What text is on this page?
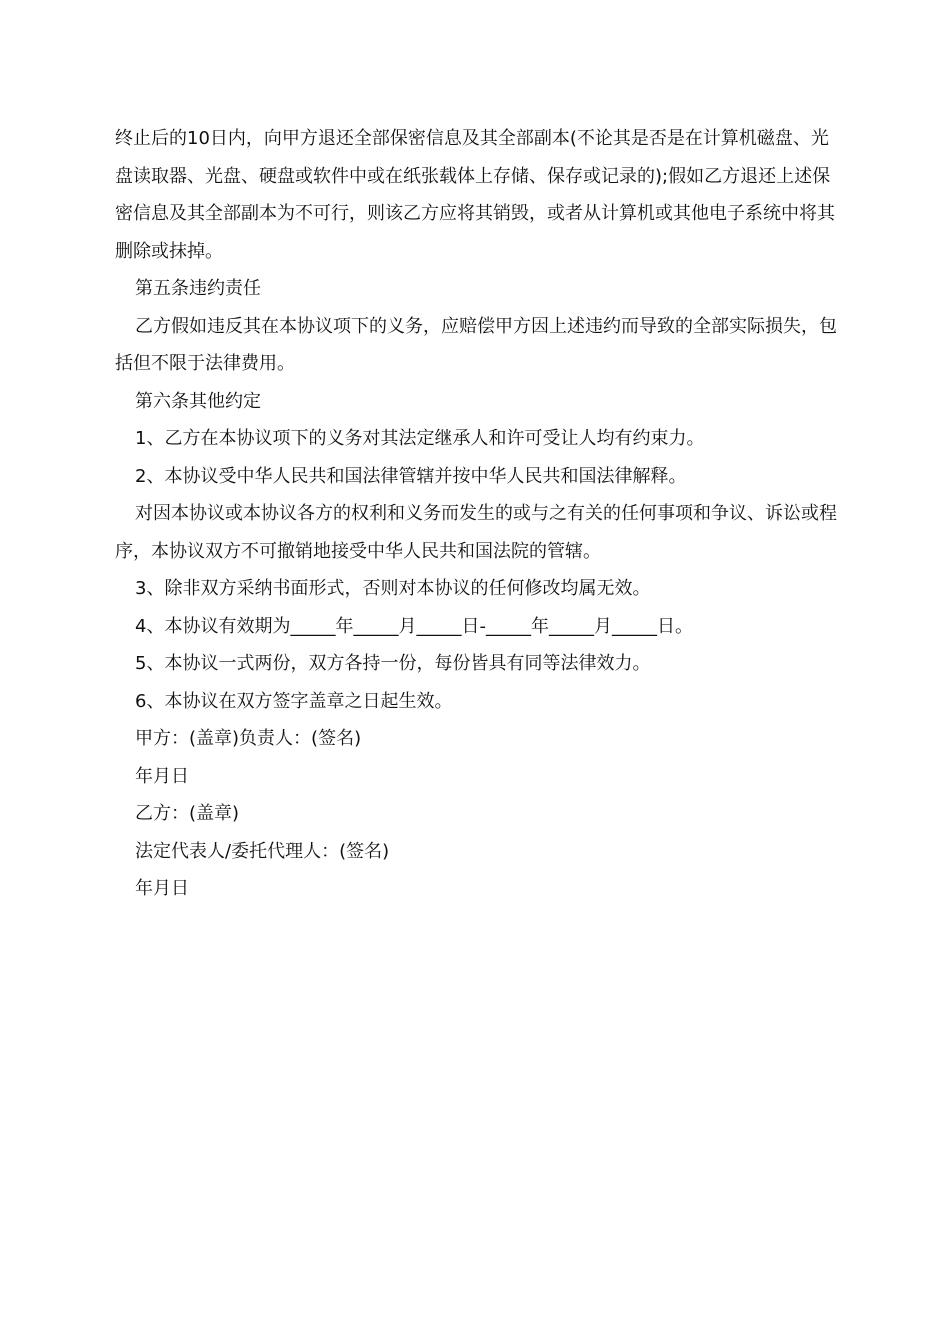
终止后的10日内，向甲方退还全部保密信息及其全部副本(不论其是否是在计算机磁盘、光盘读取器、光盘、硬盘或软件中或在纸张载体上存储、保存或记录的);假如乙方退还上述保密信息及其全部副本为不可行，则该乙方应将其销毁，或者从计算机或其他电子系统中将其删除或抹掉。

第五条违约责任

乙方假如违反其在本协议项下的义务，应赔偿甲方因上述违约而导致的全部实际损失，包括但不限于法律费用。

第六条其他约定

1、乙方在本协议项下的义务对其法定继承人和许可受让人均有约束力。

2、本协议受中华人民共和国法律管辖并按中华人民共和国法律解释。

对因本协议或本协议各方的权利和义务而发生的或与之有关的任何事项和争议、诉讼或程序，本协议双方不可撤销地接受中华人民共和国法院的管辖。

3、除非双方采纳书面形式，否则对本协议的任何修改均属无效。

4、本协议有效期为_____年_____月_____日-_____年_____月_____日。

5、本协议一式两份，双方各持一份，每份皆具有同等法律效力。

6、本协议在双方签字盖章之日起生效。

甲方：(盖章)负责人：(签名)

年月日

乙方：(盖章)

法定代表人/委托代理人：(签名)

年月日
